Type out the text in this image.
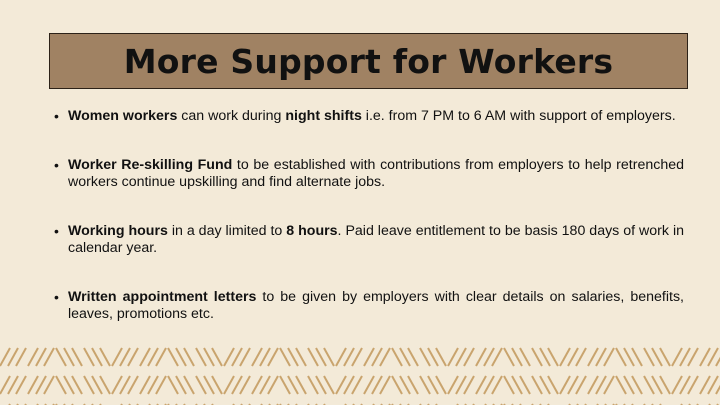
More Support for Workers
• Women workers can work during night shifts i.e. from 7 PM to 6 AM with support of employers.
• Worker Re-skilling Fund to be established with contributions from employers to help retrenched workers continue upskilling and find alternate jobs.
• Working hours in a day limited to 8 hours. Paid leave entitlement to be basis 180 days of work in calendar year.
• Written appointment letters to be given by employers with clear details on salaries, benefits, leaves, promotions etc.
